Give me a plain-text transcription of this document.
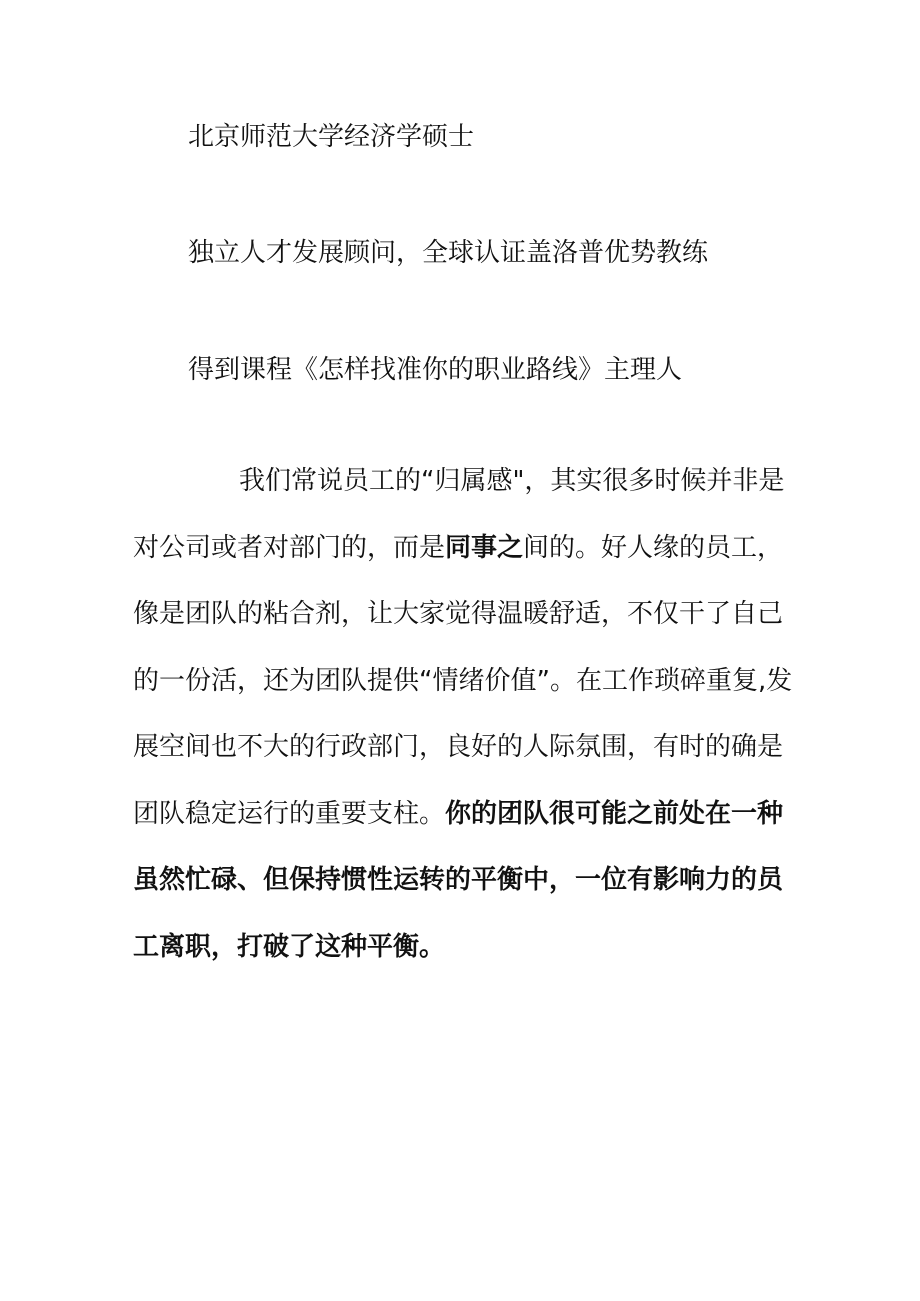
北京师范大学经济学硕士
独立人才发展顾问，全球认证盖洛普优势教练
得到课程《怎样找准你的职业路线》主理人

我们常说员工的“归属感"，其实很多时候并非是对公司或者对部门的，而是同事之间的。好人缘的员工，像是团队的粘合剂，让大家觉得温暖舒适，不仅干了自己的一份活，还为团队提供“情绪价值”。在工作琐碎重复,发展空间也不大的行政部门，良好的人际氛围，有时的确是团队稳定运行的重要支柱。你的团队很可能之前处在一种虽然忙碌、但保持惯性运转的平衡中，一位有影响力的员工离职，打破了这种平衡。
